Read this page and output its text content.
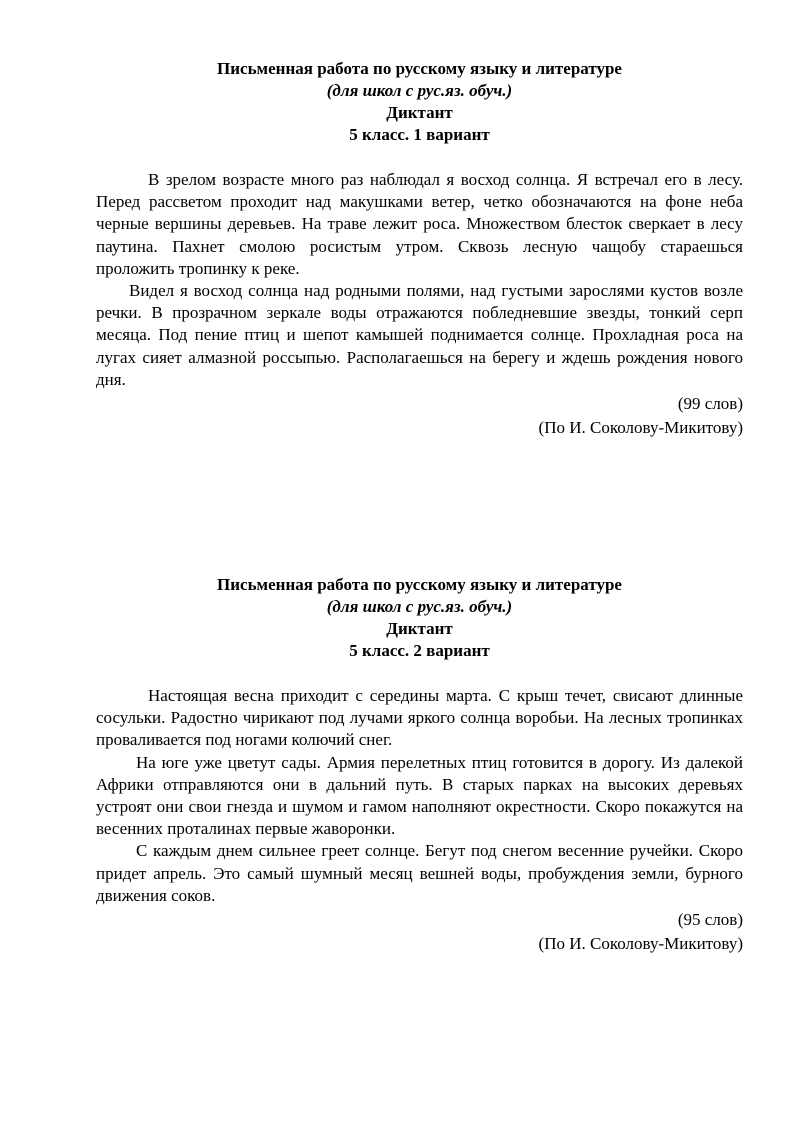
Письменная работа по русскому языку и литературе
(для школ с рус.яз. обуч.)
Диктант
5 класс. 1 вариант

В зрелом возрасте много раз наблюдал я восход солнца. Я встречал его в лесу. Перед рассветом проходит над макушками ветер, четко обозначаются на фоне неба черные вершины деревьев. На траве лежит роса. Множеством блесток сверкает в лесу паутина. Пахнет смолою росистым утром. Сквозь лесную чащобу стараешься проложить тропинку к реке.

Видел я восход солнца над родными полями, над густыми зарослями кустов возле речки. В прозрачном зеркале воды отражаются побледневшие звезды, тонкий серп месяца. Под пение птиц и шепот камышей поднимается солнце. Прохладная роса на лугах сияет алмазной россыпью. Располагаешься на берегу и ждешь рождения нового дня.

(99 слов)
(По И. Соколову-Микитову)
Письменная работа по русскому языку и литературе
(для школ с рус.яз. обуч.)
Диктант
5 класс. 2 вариант

Настоящая весна приходит с середины марта. С крыш течет, свисают длинные сосульки. Радостно чирикают под лучами яркого солнца воробьи. На лесных тропинках проваливается под ногами колючий снег.

На юге уже цветут сады. Армия перелетных птиц готовится в дорогу. Из далекой Африки отправляются они в дальний путь. В старых парках на высоких деревьях устроят они свои гнезда и шумом и гамом наполняют окрестности. Скоро покажутся на весенних проталинах первые жаворонки.

С каждым днем сильнее греет солнце. Бегут под снегом весенние ручейки. Скоро придет апрель. Это самый шумный месяц вешней воды, пробуждения земли, бурного движения соков.

(95 слов)
(По И. Соколову-Микитову)
